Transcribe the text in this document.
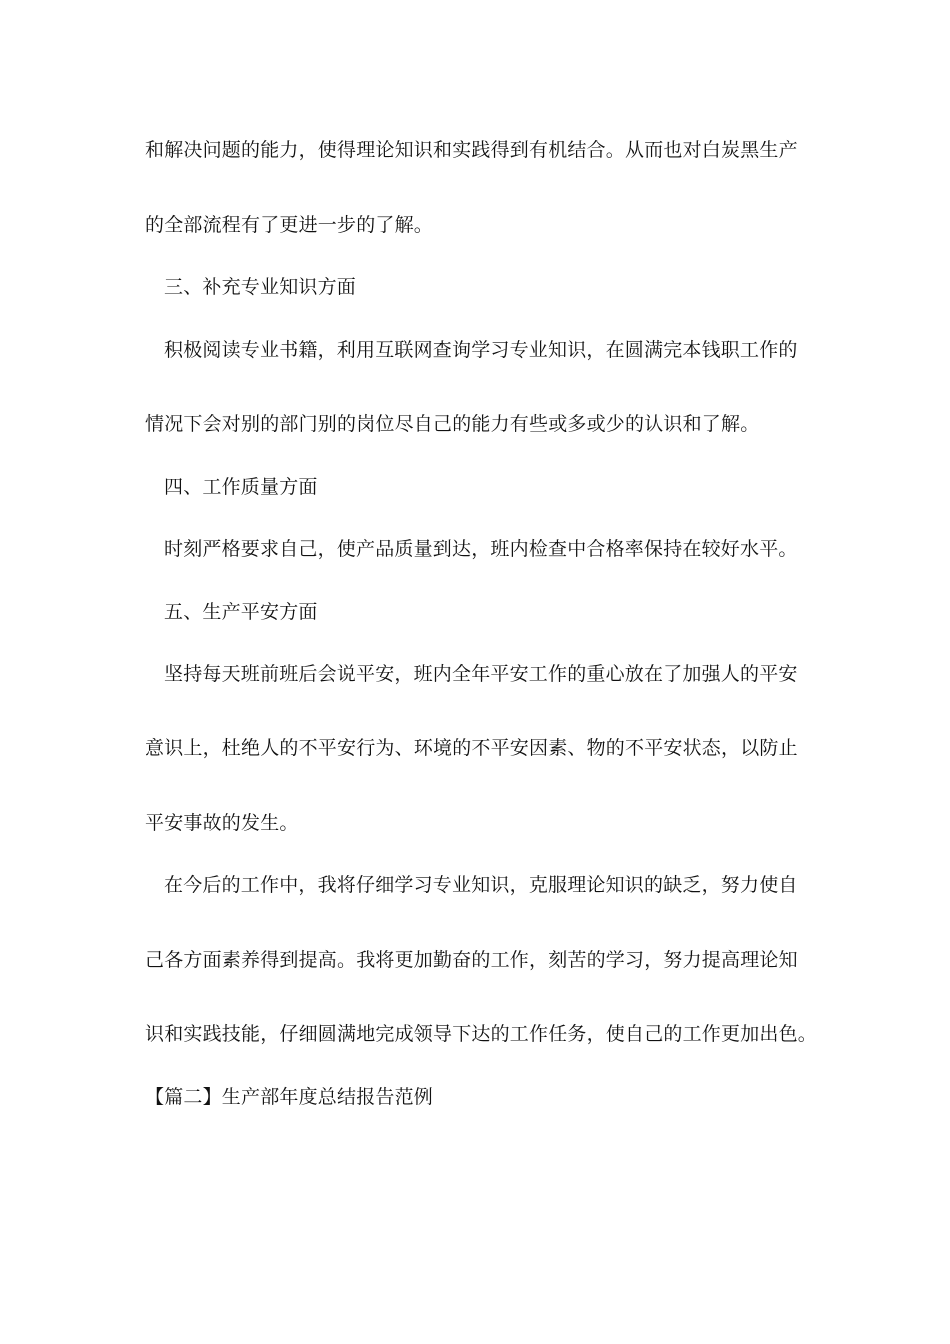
和解决问题的能力，使得理论知识和实践得到有机结合。从而也对白炭黑生产
的全部流程有了更进一步的了解。
三、补充专业知识方面
积极阅读专业书籍，利用互联网查询学习专业知识，在圆满完本钱职工作的
情况下会对别的部门别的岗位尽自己的能力有些或多或少的认识和了解。
四、工作质量方面
时刻严格要求自己，使产品质量到达，班内检查中合格率保持在较好水平。
五、生产平安方面
坚持每天班前班后会说平安，班内全年平安工作的重心放在了加强人的平安
意识上，杜绝人的不平安行为、环境的不平安因素、物的不平安状态，以防止
平安事故的发生。
在今后的工作中，我将仔细学习专业知识，克服理论知识的缺乏，努力使自
己各方面素养得到提高。我将更加勤奋的工作，刻苦的学习，努力提高理论知
识和实践技能，仔细圆满地完成领导下达的工作任务，使自己的工作更加出色。
【篇二】生产部年度总结报告范例
